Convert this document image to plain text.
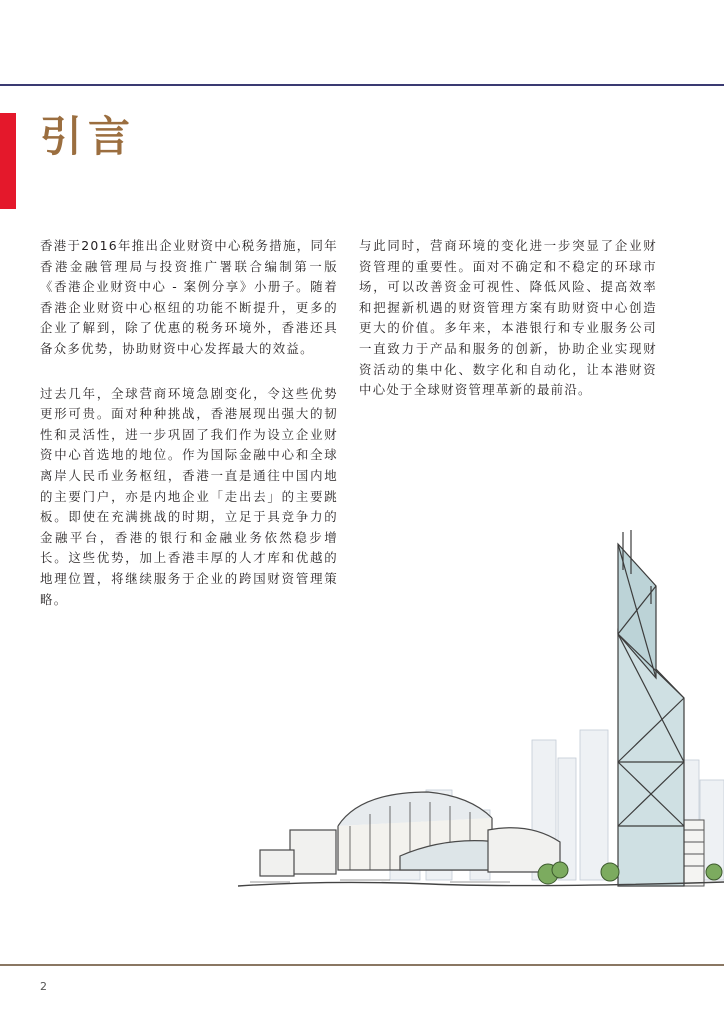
引言

香港于2016年推出企业财资中心税务措施，同年香港金融管理局与投资推广署联合编制第一版《香港企业财资中心 - 案例分享》小册子。随着香港企业财资中心枢纽的功能不断提升，更多的企业了解到，除了优惠的税务环境外，香港还具备众多优势，协助财资中心发挥最大的效益。

过去几年，全球营商环境急剧变化，令这些优势更形可贵。面对种种挑战，香港展现出强大的韧性和灵活性，进一步巩固了我们作为设立企业财资中心首选地的地位。作为国际金融中心和全球离岸人民币业务枢纽，香港一直是通往中国内地的主要门户，亦是内地企业「走出去」的主要跳板。即使在充满挑战的时期，立足于具竞争力的金融平台，香港的银行和金融业务依然稳步增长。这些优势，加上香港丰厚的人才库和优越的地理位置，将继续服务于企业的跨国财资管理策略。

与此同时，营商环境的变化进一步突显了企业财资管理的重要性。面对不确定和不稳定的环球市场，可以改善资金可视性、降低风险、提高效率和把握新机遇的财资管理方案有助财资中心创造更大的价值。多年来，本港银行和专业服务公司一直致力于产品和服务的创新，协助企业实现财资活动的集中化、数字化和自动化，让本港财资中心处于全球财资管理革新的最前沿。

2
